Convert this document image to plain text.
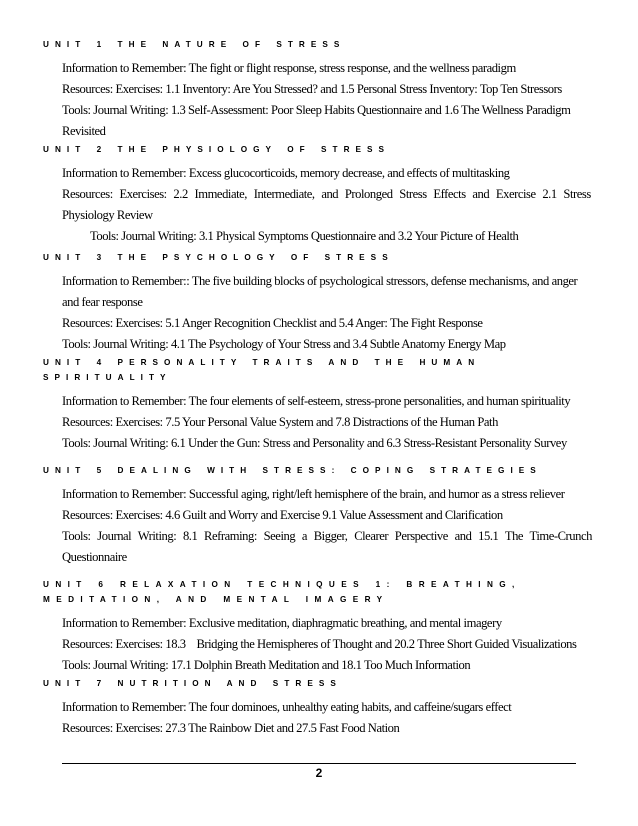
UNIT 1 THE NATURE OF STRESS
Information to Remember: The fight or flight response, stress response, and the wellness paradigm
Resources: Exercises: 1.1 Inventory: Are You Stressed? and 1.5 Personal Stress Inventory: Top Ten Stressors
Tools: Journal Writing: 1.3 Self-Assessment: Poor Sleep Habits Questionnaire and 1.6 The Wellness Paradigm
Revisited
UNIT 2 THE PHYSIOLOGY OF STRESS
Information to Remember: Excess glucocorticoids, memory decrease, and effects of multitasking
Resources: Exercises: 2.2 Immediate, Intermediate, and Prolonged Stress Effects and Exercise 2.1 Stress
Physiology Review
Tools: Journal Writing: 3.1 Physical Symptoms Questionnaire and 3.2 Your Picture of Health
UNIT 3 THE PSYCHOLOGY OF STRESS
Information to Remember:: The five building blocks of psychological stressors, defense mechanisms, and anger
and fear response
Resources: Exercises: 5.1 Anger Recognition Checklist and 5.4 Anger: The Fight Response
Tools: Journal Writing: 4.1 The Psychology of Your Stress and 3.4 Subtle Anatomy Energy Map
UNIT 4 PERSONALITY TRAITS AND THE HUMAN SPIRITUALITY
Information to Remember: The four elements of self-esteem, stress-prone personalities, and human spirituality
Resources: Exercises: 7.5 Your Personal Value System and 7.8 Distractions of the Human Path
Tools: Journal Writing: 6.1 Under the Gun: Stress and Personality and 6.3 Stress-Resistant Personality Survey
UNIT 5 DEALING WITH STRESS: COPING STRATEGIES
Information to Remember: Successful aging, right/left hemisphere of the brain, and humor as a stress reliever
Resources: Exercises: 4.6 Guilt and Worry and Exercise 9.1 Value Assessment and Clarification
Tools: Journal Writing: 8.1 Reframing: Seeing a Bigger, Clearer Perspective and 15.1 The Time-Crunch
Questionnaire
UNIT 6 RELAXATION TECHNIQUES 1: BREATHING, MEDITATION, AND MENTAL IMAGERY
Information to Remember: Exclusive meditation, diaphragmatic breathing, and mental imagery
Resources: Exercises: 18.3    Bridging the Hemispheres of Thought and 20.2 Three Short Guided Visualizations
Tools: Journal Writing: 17.1 Dolphin Breath Meditation and 18.1 Too Much Information
UNIT 7 NUTRITION AND STRESS
Information to Remember: The four dominoes, unhealthy eating habits, and caffeine/sugars effect
Resources: Exercises: 27.3 The Rainbow Diet and 27.5 Fast Food Nation
2
